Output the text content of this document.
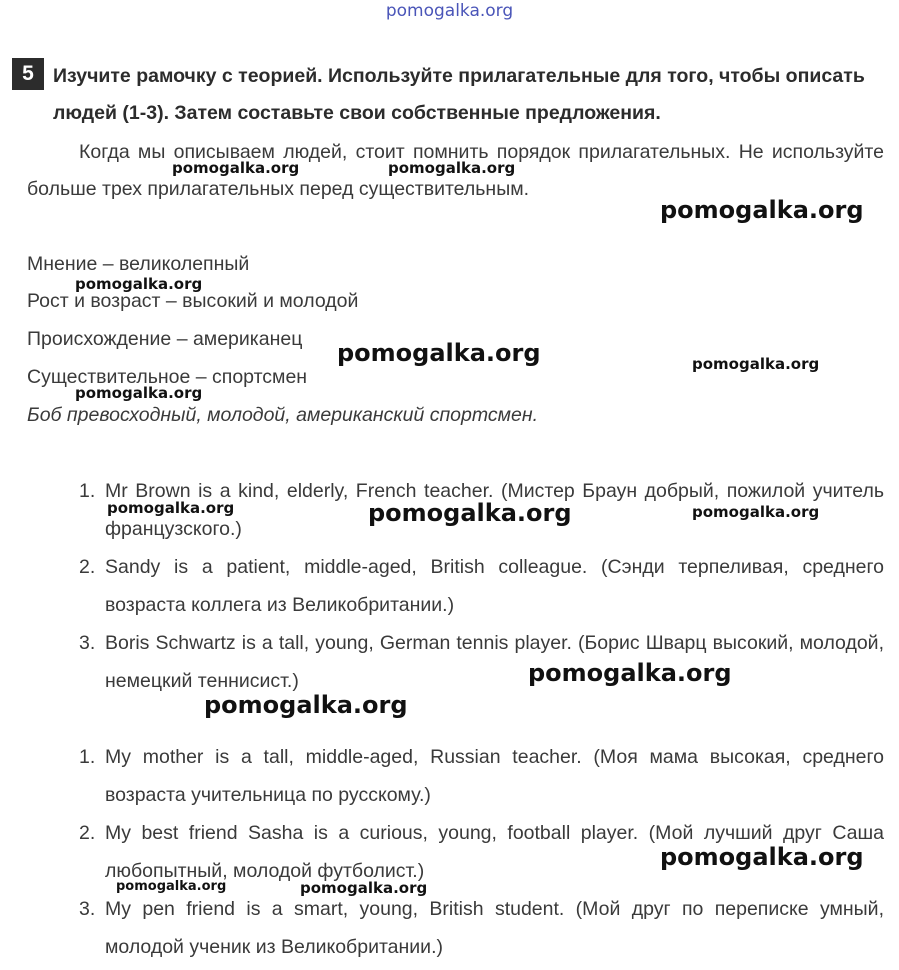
pomogalka.org
5 Изучите рамочку с теорией. Используйте прилагательные для того, чтобы описать людей (1-3). Затем составьте свои собственные предложения.
Когда мы описываем людей, стоит помнить порядок прилагательных. Не используйте больше трех прилагательных перед существительным.
Мнение – великолепный
Рост и возраст – высокий и молодой
Происхождение – американец
Существительное – спортсмен
Боб превосходный, молодой, американский спортсмен.
1. Mr Brown is a kind, elderly, French teacher. (Мистер Браун добрый, пожилой учитель французского.)
2. Sandy is a patient, middle-aged, British colleague. (Сэнди терпеливая, среднего возраста коллега из Великобритании.)
3. Boris Schwartz is a tall, young, German tennis player. (Борис Шварц высокий, молодой, немецкий теннисист.)
1. My mother is a tall, middle-aged, Russian teacher. (Моя мама высокая, среднего возраста учительница по русскому.)
2. My best friend Sasha is a curious, young, football player. (Мой лучший друг Саша любопытный, молодой футболист.)
3. My pen friend is a smart, young, British student. (Мой друг по переписке умный, молодой ученик из Великобритании.)
pomogalka.org	pomogalka.org
pomogalka.org
pomogalka.org
pomogalka.org	pomogalka.org
pomogalka.org
pomogalka.org	pomogalka.org	pomogalka.org
pomogalka.org
pomogalka.org
pomogalka.org
pomogalka.org	pomogalka.org
